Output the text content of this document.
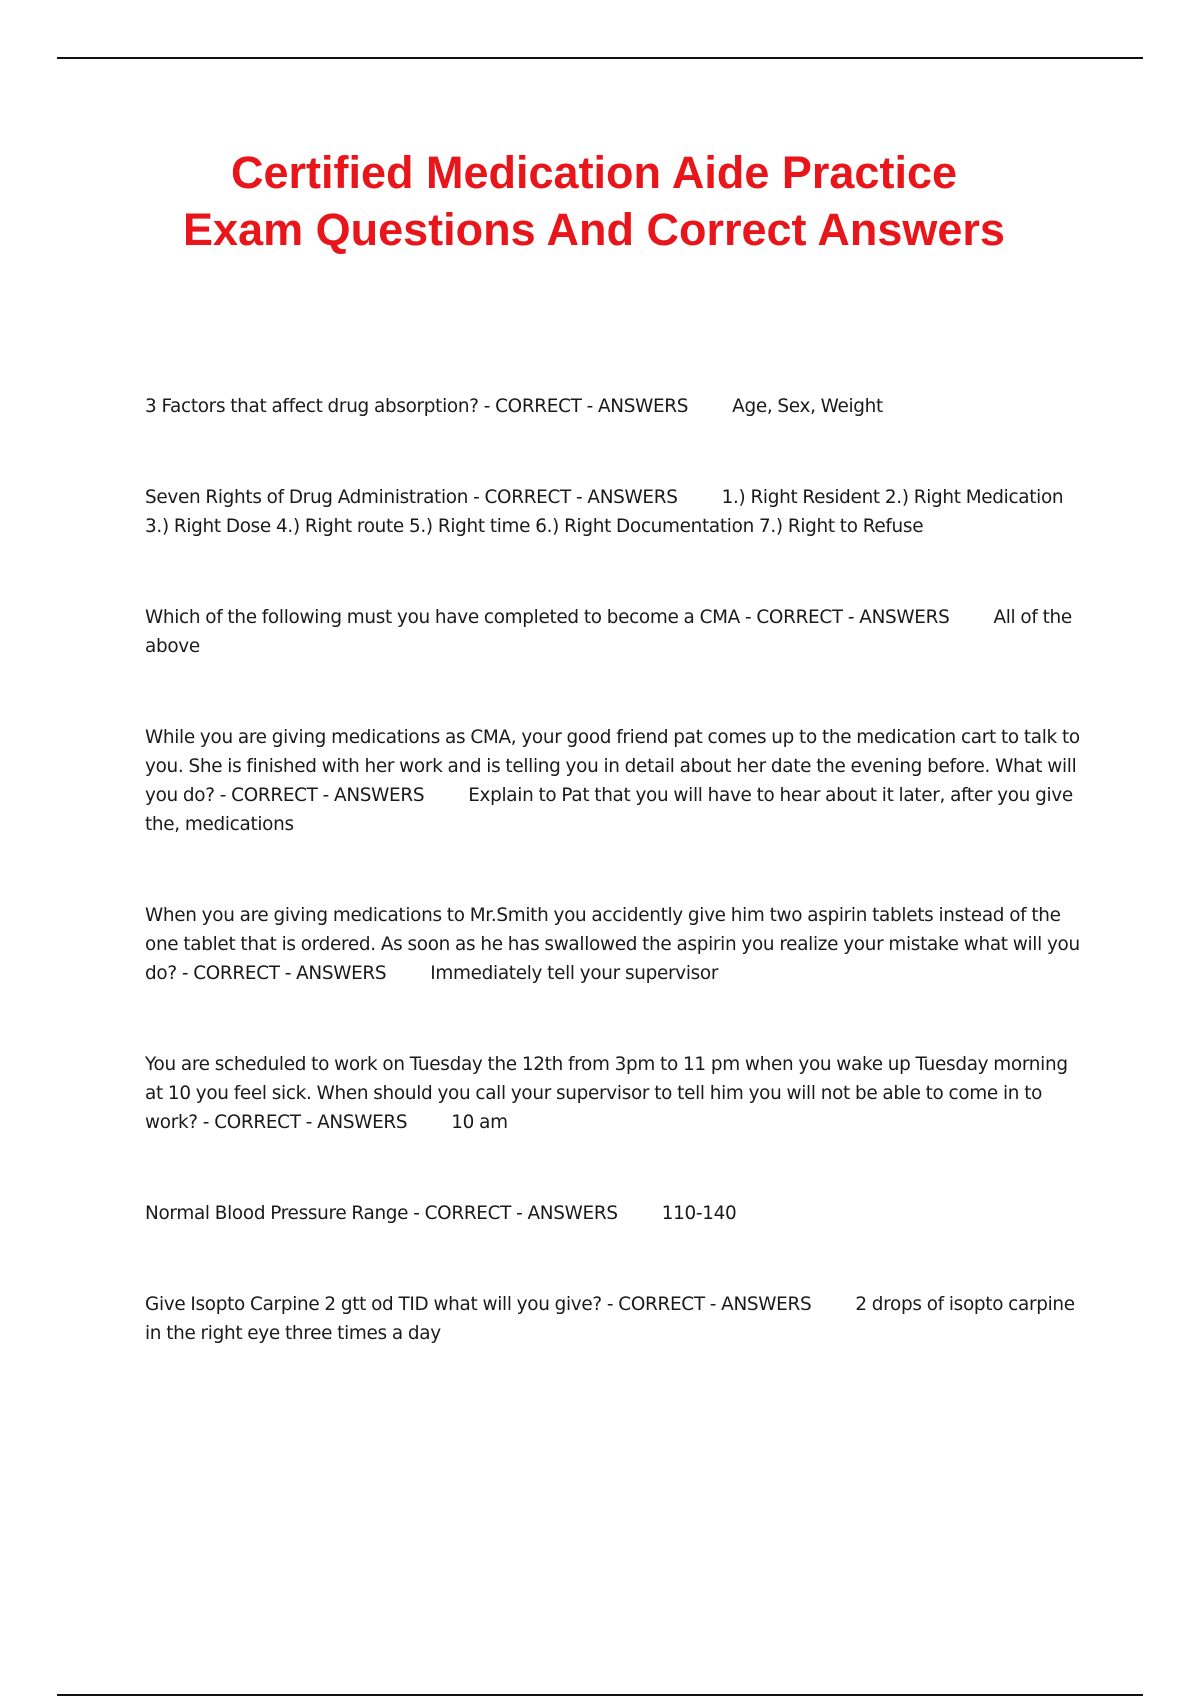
Certified Medication Aide Practice
Exam Questions And Correct Answers

3 Factors that affect drug absorption? - CORRECT - ANSWERS Age, Sex, Weight

Seven Rights of Drug Administration - CORRECT - ANSWERS 1.) Right Resident 2.) Right Medication 3.) Right Dose 4.) Right route 5.) Right time 6.) Right Documentation 7.) Right to Refuse

Which of the following must you have completed to become a CMA - CORRECT - ANSWERS All of the above

While you are giving medications as CMA, your good friend pat comes up to the medication cart to talk to you. She is finished with her work and is telling you in detail about her date the evening before. What will you do? - CORRECT - ANSWERS Explain to Pat that you will have to hear about it later, after you give the, medications

When you are giving medications to Mr.Smith you accidently give him two aspirin tablets instead of the one tablet that is ordered. As soon as he has swallowed the aspirin you realize your mistake what will you do? - CORRECT - ANSWERS Immediately tell your supervisor

You are scheduled to work on Tuesday the 12th from 3pm to 11 pm when you wake up Tuesday morning at 10 you feel sick. When should you call your supervisor to tell him you will not be able to come in to work? - CORRECT - ANSWERS 10 am

Normal Blood Pressure Range - CORRECT - ANSWERS 110-140

Give Isopto Carpine 2 gtt od TID what will you give? - CORRECT - ANSWERS 2 drops of isopto carpine in the right eye three times a day
